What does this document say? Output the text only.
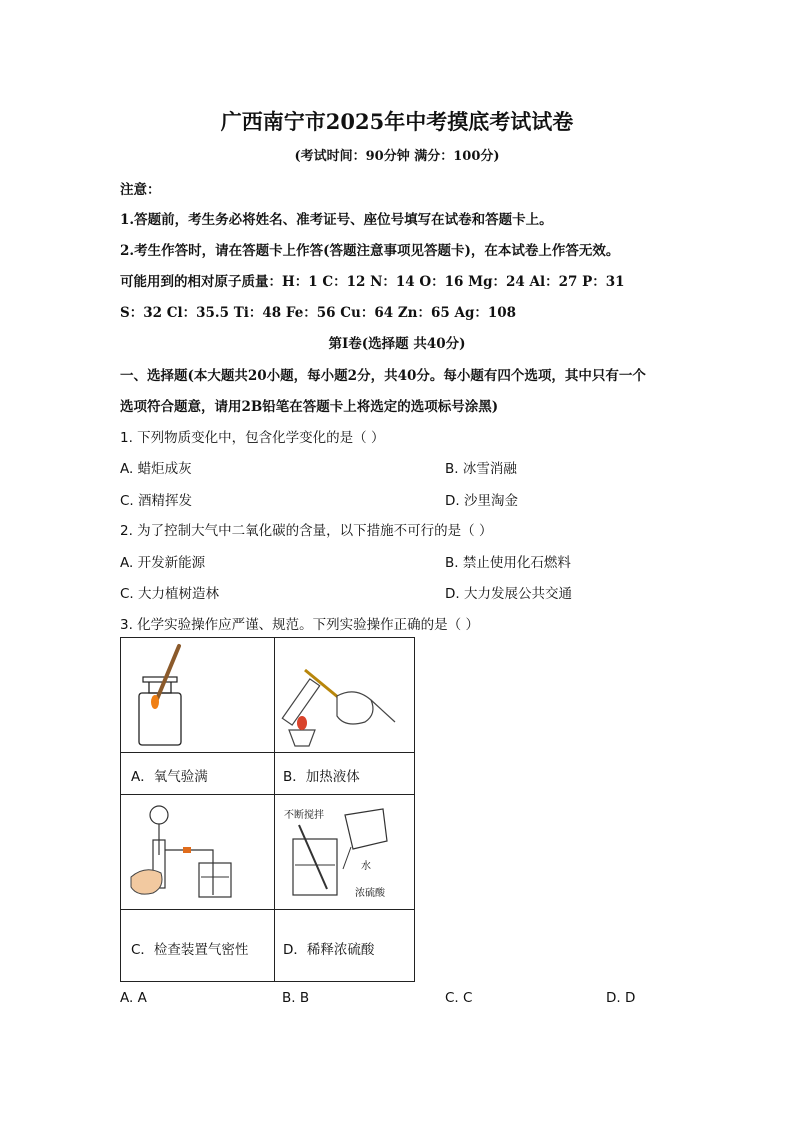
广西南宁市2025年中考摸底考试试卷
(考试时间：90分钟 满分：100分)
注意：
1.答题前，考生务必将姓名、准考证号、座位号填写在试卷和答题卡上。
2.考生作答时，请在答题卡上作答(答题注意事项见答题卡)，在本试卷上作答无效。
可能用到的相对原子质量：H：1 C：12 N：14 O：16 Mg：24 Al：27 P：31
S：32 Cl：35.5 Ti：48 Fe：56 Cu：64 Zn：65 Ag：108
第Ⅰ卷(选择题 共40分)
一、选择题(本大题共20小题，每小题2分，共40分。每小题有四个选项，其中只有一个
选项符合题意，请用2B铅笔在答题卡上将选定的选项标号涂黑)
1. 下列物质变化中，包含化学变化的是（ ）
A. 蜡炬成灰	B. 冰雪消融
C. 酒精挥发	D. 沙里淘金
2. 为了控制大气中二氧化碳的含量，以下措施不可行的是（ ）
A. 开发新能源	B. 禁止使用化石燃料
C. 大力植树造林	D. 大力发展公共交通
3. 化学实验操作应严谨、规范。下列实验操作正确的是（ ）
A．氧气验满	B．加热液体
C．检查装置气密性
不断搅拌
水
浓硫酸
D．稀释浓硫酸
A. A	B. B	C. C	D. D
